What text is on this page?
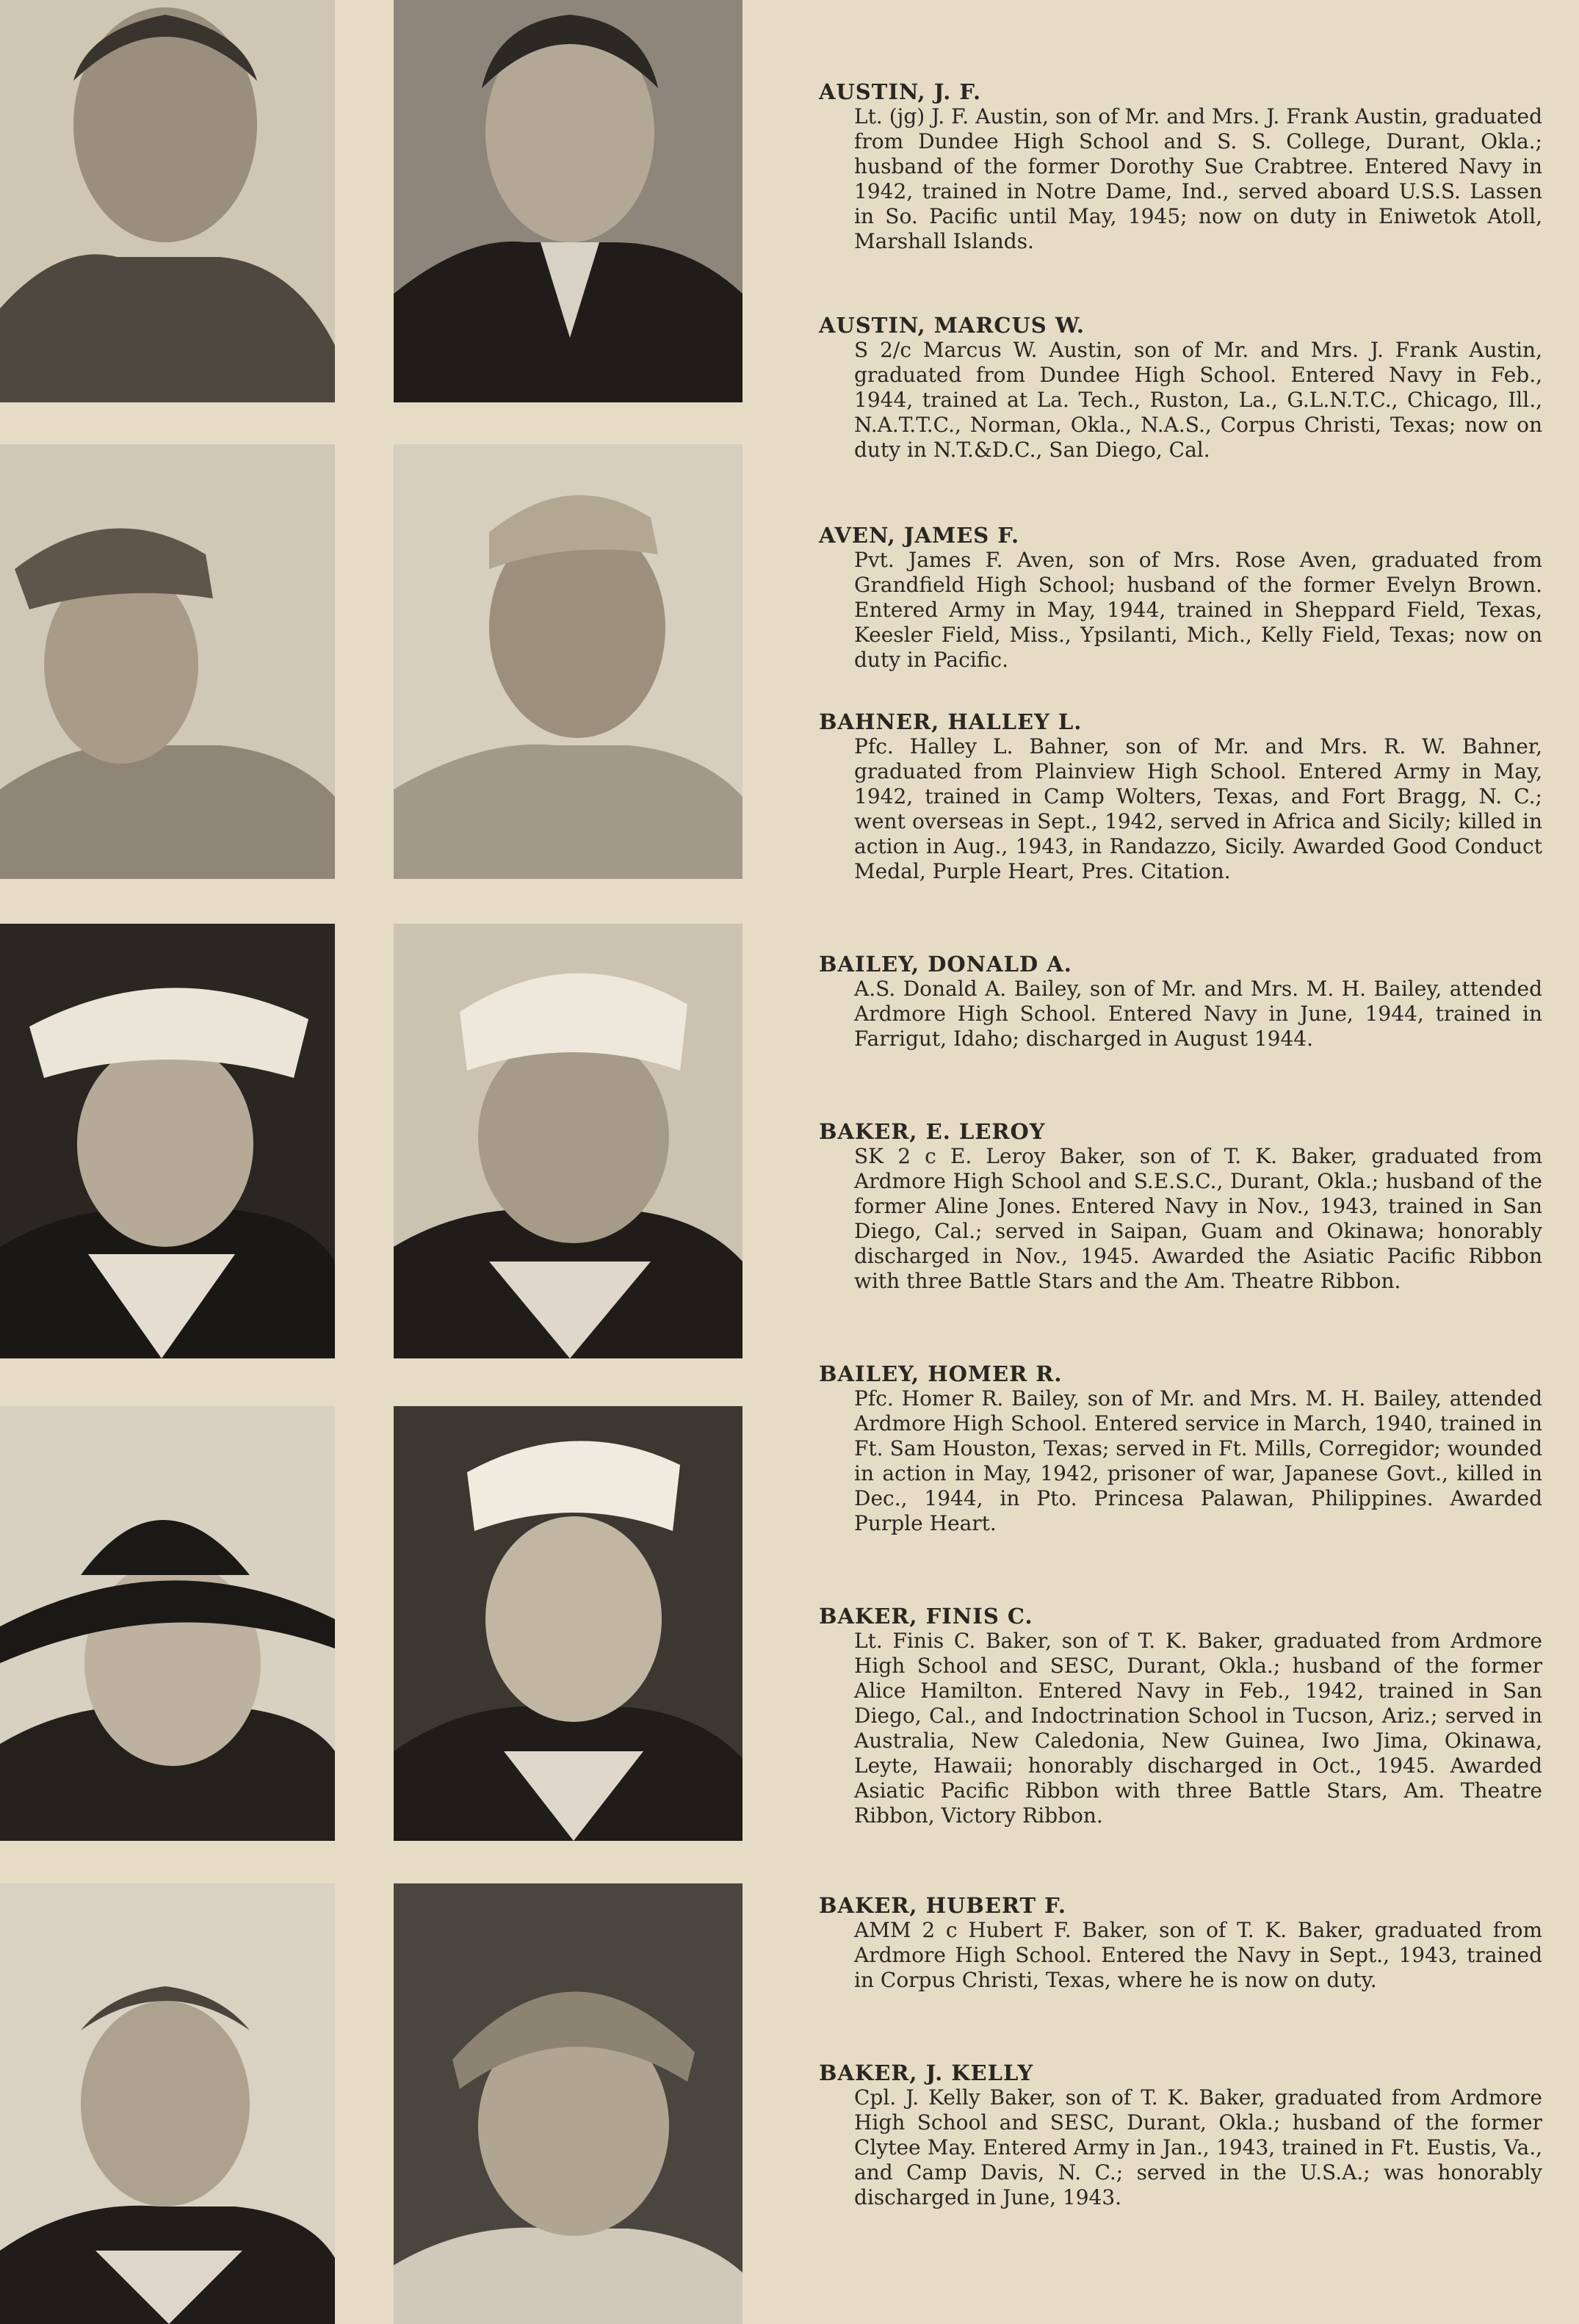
AUSTIN, J. F.

Lt. (jg) J. F. Austin, son of Mr. and Mrs. J. Frank Austin, graduated from Dundee High School and S. S. College, Durant, Okla.; husband of the former Dorothy Sue Crabtree. Entered Navy in 1942, trained in Notre Dame, Ind., served aboard U.S.S. Lassen in So. Pacific until May, 1945; now on duty in Eniwetok Atoll, Marshall Islands.

AUSTIN, MARCUS W.

S 2/c Marcus W. Austin, son of Mr. and Mrs. J. Frank Austin, graduated from Dundee High School. Entered Navy in Feb., 1944, trained at La. Tech., Ruston, La., G.L.N.T.C., Chicago, Ill., N.A.T.T.C., Norman, Okla., N.A.S., Corpus Christi, Texas; now on duty in N.T.&D.C., San Diego, Cal.

AVEN, JAMES F.

Pvt. James F. Aven, son of Mrs. Rose Aven, graduated from Grandfield High School; husband of the former Evelyn Brown. Entered Army in May, 1944, trained in Sheppard Field, Texas, Keesler Field, Miss., Ypsilanti, Mich., Kelly Field, Texas; now on duty in Pacific.

BAHNER, HALLEY L.

Pfc. Halley L. Bahner, son of Mr. and Mrs. R. W. Bahner, graduated from Plainview High School. Entered Army in May, 1942, trained in Camp Wolters, Texas, and Fort Bragg, N. C.; went overseas in Sept., 1942, served in Africa and Sicily; killed in action in Aug., 1943, in Randazzo, Sicily. Awarded Good Conduct Medal, Purple Heart, Pres. Citation.

BAILEY, DONALD A.

A.S. Donald A. Bailey, son of Mr. and Mrs. M. H. Bailey, attended Ardmore High School. Entered Navy in June, 1944, trained in Farrigut, Idaho; discharged in August 1944.

BAKER, E. LEROY

SK 2 c E. Leroy Baker, son of T. K. Baker, graduated from Ardmore High School and S.E.S.C., Durant, Okla.; husband of the former Aline Jones. Entered Navy in Nov., 1943, trained in San Diego, Cal.; served in Saipan, Guam and Okinawa; honorably discharged in Nov., 1945. Awarded the Asiatic Pacific Ribbon with three Battle Stars and the Am. Theatre Ribbon.

BAILEY, HOMER R.

Pfc. Homer R. Bailey, son of Mr. and Mrs. M. H. Bailey, attended Ardmore High School. Entered service in March, 1940, trained in Ft. Sam Houston, Texas; served in Ft. Mills, Corregidor; wounded in action in May, 1942, prisoner of war, Japanese Govt., killed in Dec., 1944, in Pto. Princesa Palawan, Philippines. Awarded Purple Heart.

BAKER, FINIS C.

Lt. Finis C. Baker, son of T. K. Baker, graduated from Ardmore High School and SESC, Durant, Okla.; husband of the former Alice Hamilton. Entered Navy in Feb., 1942, trained in San Diego, Cal., and Indoctrination School in Tucson, Ariz.; served in Australia, New Caledonia, New Guinea, Iwo Jima, Okinawa, Leyte, Hawaii; honorably discharged in Oct., 1945. Awarded Asiatic Pacific Ribbon with three Battle Stars, Am. Theatre Ribbon, Victory Ribbon.

BAKER, HUBERT F.

AMM 2 c Hubert F. Baker, son of T. K. Baker, graduated from Ardmore High School. Entered the Navy in Sept., 1943, trained in Corpus Christi, Texas, where he is now on duty.

BAKER, J. KELLY

Cpl. J. Kelly Baker, son of T. K. Baker, graduated from Ardmore High School and SESC, Durant, Okla.; husband of the former Clytee May. Entered Army in Jan., 1943, trained in Ft. Eustis, Va., and Camp Davis, N. C.; served in the U.S.A.; was honorably discharged in June, 1943.
